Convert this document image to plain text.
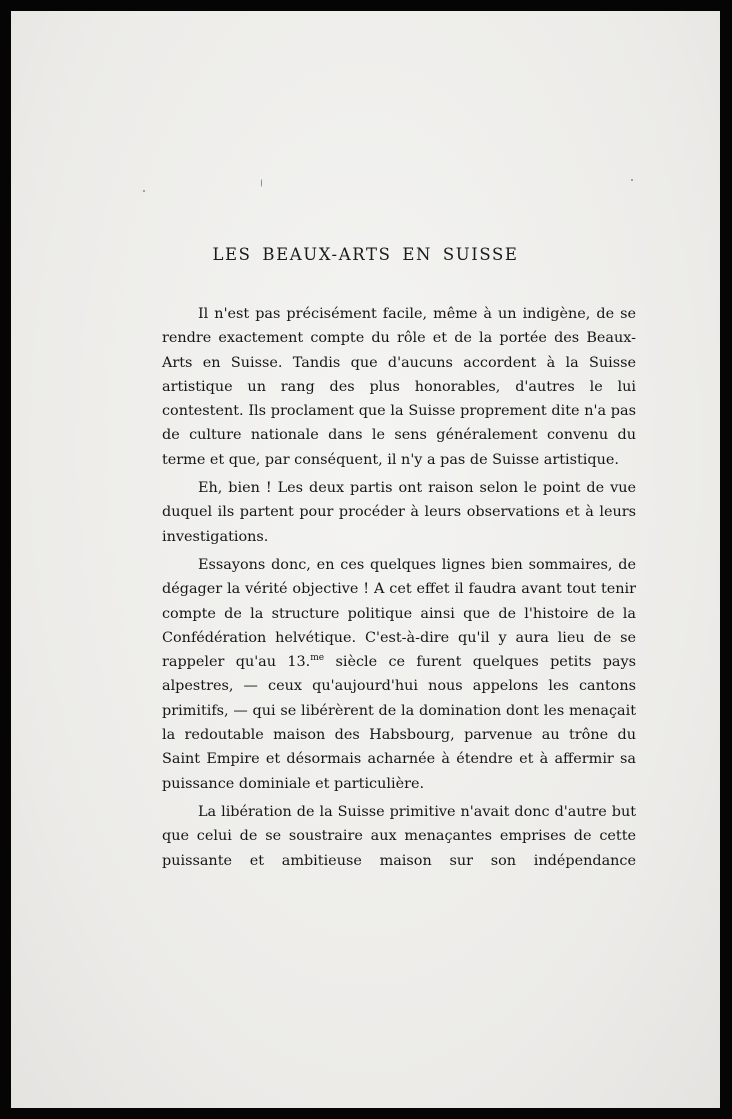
LES BEAUX-ARTS EN SUISSE

Il n'est pas précisément facile, même à un indigène, de se rendre exactement compte du rôle et de la portée des Beaux-Arts en Suisse. Tandis que d'aucuns accordent à la Suisse artistique un rang des plus honorables, d'autres le lui contestent. Ils proclament que la Suisse proprement dite n'a pas de culture nationale dans le sens généralement convenu du terme et que, par conséquent, il n'y a pas de Suisse artistique.

Eh, bien ! Les deux partis ont raison selon le point de vue duquel ils partent pour procéder à leurs observations et à leurs investigations.

Essayons donc, en ces quelques lignes bien sommaires, de dégager la vérité objective ! A cet effet il faudra avant tout tenir compte de la structure politique ainsi que de l'histoire de la Confédération helvétique. C'est-à-dire qu'il y aura lieu de se rappeler qu'au 13.$^{me}$ siècle ce furent quelques petits pays alpestres, — ceux qu'aujourd'hui nous appelons les cantons primitifs, — qui se libérèrent de la domination dont les menaçait la redoutable maison des Habsbourg, parvenue au trône du Saint Empire et désormais acharnée à étendre et à affermir sa puissance dominiale et particulière.

La libération de la Suisse primitive n'avait donc d'autre but que celui de se soustraire aux menaçantes emprises de cette puissante et ambitieuse maison sur son indépendance
